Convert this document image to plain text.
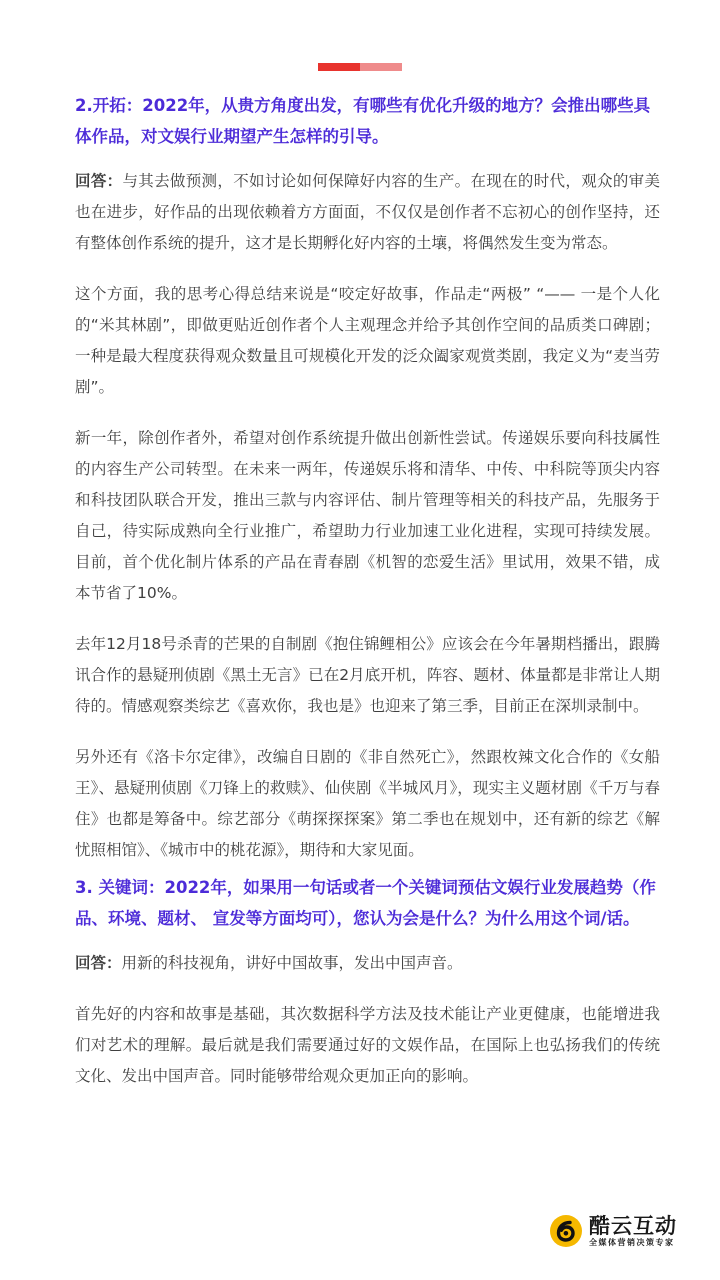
2.开拓：2022年，从贵方角度出发，有哪些有优化升级的地方？会推出哪些具体作品，对文娱行业期望产生怎样的引导。

回答：与其去做预测，不如讨论如何保障好内容的生产。在现在的时代，观众的审美也在进步，好作品的出现依赖着方方面面，不仅仅是创作者不忘初心的创作坚持，还有整体创作系统的提升，这才是长期孵化好内容的土壤，将偶然发生变为常态。

这个方面，我的思考心得总结来说是“咬定好故事，作品走“两极” “—— 一是个人化的“米其林剧”，即做更贴近创作者个人主观理念并给予其创作空间的品质类口碑剧；一种是最大程度获得观众数量且可规模化开发的泛众阖家观赏类剧，我定义为“麦当劳剧”。

新一年，除创作者外，希望对创作系统提升做出创新性尝试。传递娱乐要向科技属性的内容生产公司转型。在未来一两年，传递娱乐将和清华、中传、中科院等顶尖内容和科技团队联合开发，推出三款与内容评估、制片管理等相关的科技产品，先服务于自己，待实际成熟向全行业推广，希望助力行业加速工业化进程，实现可持续发展。目前，首个优化制片体系的产品在青春剧《机智的恋爱生活》里试用，效果不错，成本节省了10%。

去年12月18号杀青的芒果的自制剧《抱住锦鲤相公》应该会在今年暑期档播出，跟腾讯合作的悬疑刑侦剧《黑土无言》已在2月底开机，阵容、题材、体量都是非常让人期待的。情感观察类综艺《喜欢你，我也是》也迎来了第三季，目前正在深圳录制中。

另外还有《洛卡尔定律》，改编自日剧的《非自然死亡》，然跟枚辣文化合作的《女船王》、悬疑刑侦剧《刀锋上的救赎》、仙侠剧《半城风月》，现实主义题材剧《千万与春住》也都是筹备中。综艺部分《萌探探探案》第二季也在规划中，还有新的综艺《解忧照相馆》、《城市中的桃花源》，期待和大家见面。

3. 关键词：2022年，如果用一句话或者一个关键词预估文娱行业发展趋势（作品、环境、题材、 宣发等方面均可），您认为会是什么？为什么用这个词/话。

回答：用新的科技视角，讲好中国故事，发出中国声音。

首先好的内容和故事是基础，其次数据科学方法及技术能让产业更健康，也能增进我们对艺术的理解。最后就是我们需要通过好的文娱作品，在国际上也弘扬我们的传统文化、发出中国声音。同时能够带给观众更加正向的影响。

酷云互动
全媒体营销决策专家
